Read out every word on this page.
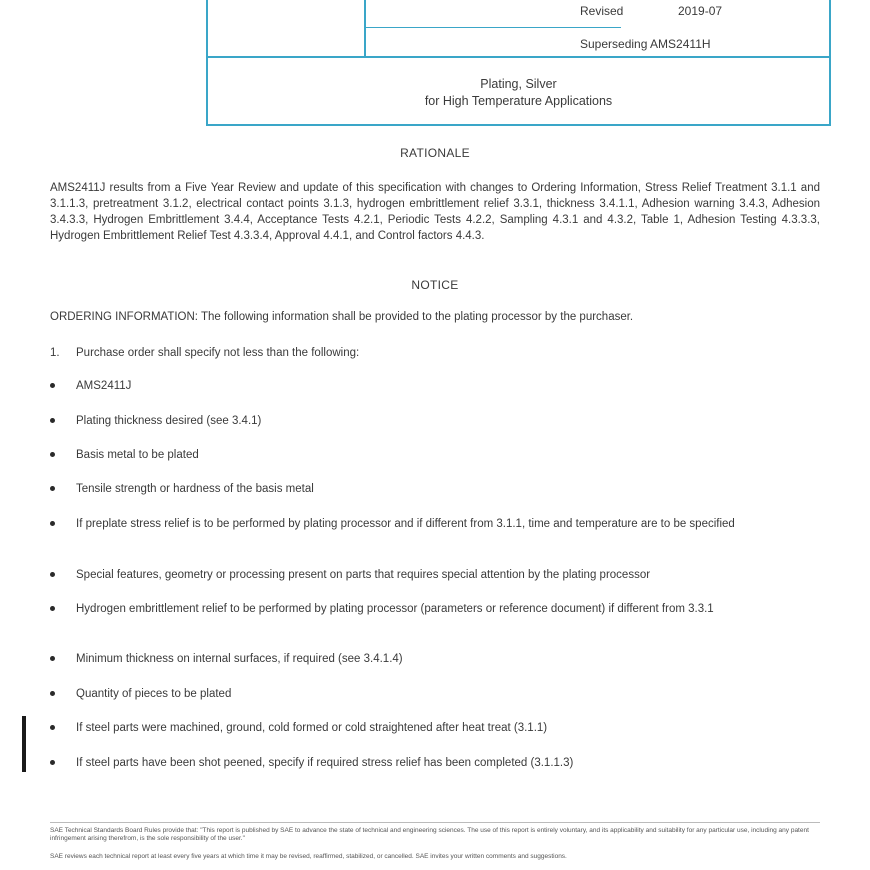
Revised	2019-07
Superseding AMS2411H
Plating, Silver
for High Temperature Applications
RATIONALE
AMS2411J results from a Five Year Review and update of this specification with changes to Ordering Information, Stress Relief Treatment 3.1.1 and 3.1.1.3, pretreatment 3.1.2, electrical contact points 3.1.3, hydrogen embrittlement relief 3.3.1, thickness 3.4.1.1, Adhesion warning 3.4.3, Adhesion 3.4.3.3, Hydrogen Embrittlement 3.4.4, Acceptance Tests 4.2.1, Periodic Tests 4.2.2, Sampling 4.3.1 and 4.3.2, Table 1, Adhesion Testing 4.3.3.3, Hydrogen Embrittlement Relief Test 4.3.3.4, Approval 4.4.1, and Control factors 4.4.3.
NOTICE
ORDERING INFORMATION: The following information shall be provided to the plating processor by the purchaser.
1. Purchase order shall specify not less than the following:
AMS2411J
Plating thickness desired (see 3.4.1)
Basis metal to be plated
Tensile strength or hardness of the basis metal
If preplate stress relief is to be performed by plating processor and if different from 3.1.1, time and temperature are to be specified
Special features, geometry or processing present on parts that requires special attention by the plating processor
Hydrogen embrittlement relief to be performed by plating processor (parameters or reference document) if different from 3.3.1
Minimum thickness on internal surfaces, if required (see 3.4.1.4)
Quantity of pieces to be plated
If steel parts were machined, ground, cold formed or cold straightened after heat treat (3.1.1)
If steel parts have been shot peened, specify if required stress relief has been completed (3.1.1.3)
SAE Technical Standards Board Rules provide that: "This report is published by SAE to advance the state of technical and engineering sciences. The use of this report is entirely voluntary, and its applicability and suitability for any particular use, including any patent infringement arising therefrom, is the sole responsibility of the user."
SAE reviews each technical report at least every five years at which time it may be revised, reaffirmed, stabilized, or cancelled. SAE invites your written comments and suggestions.
